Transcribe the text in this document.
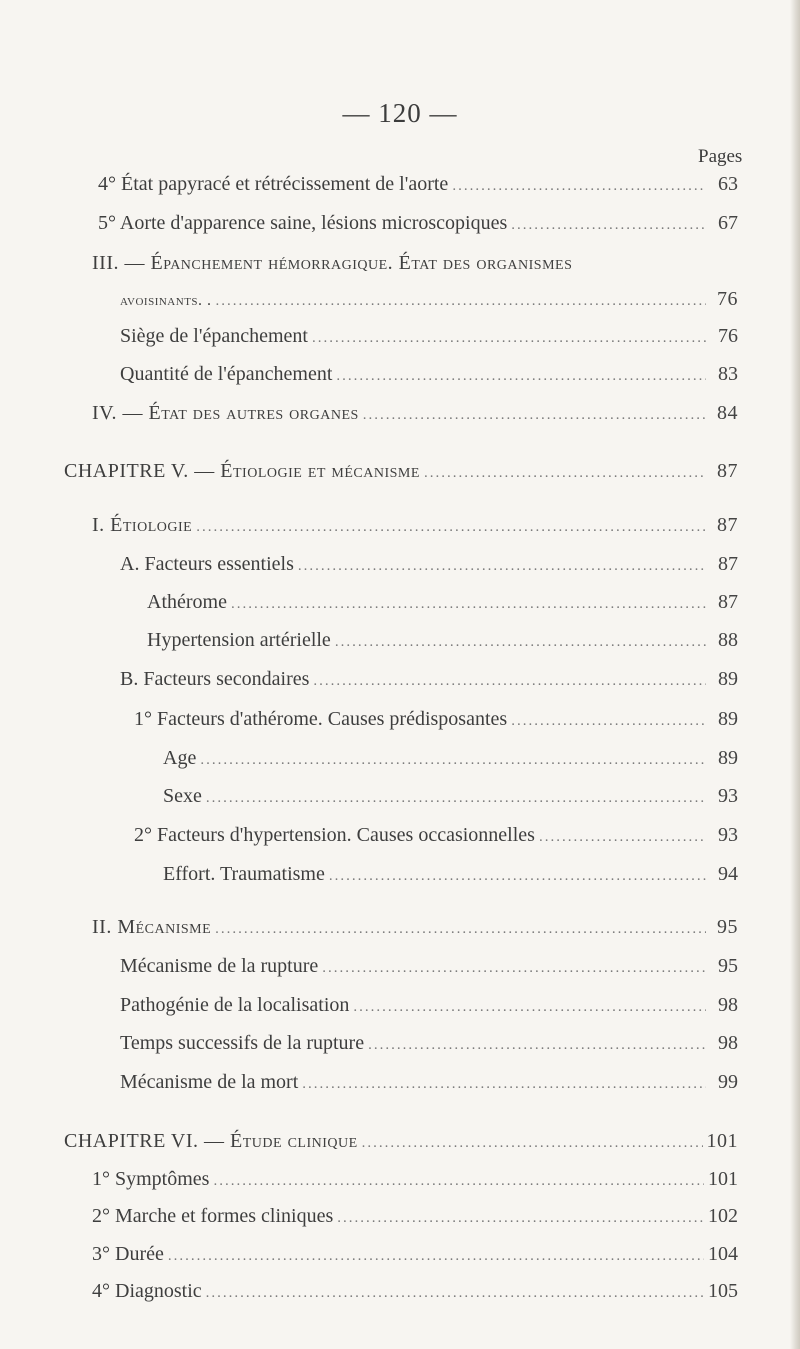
— 120 —
Pages
4° État papyracé et rétrécissement de l'aorte .....	63
5° Aorte d'apparence saine, lésions microscopiques .....	67
III. — Épanchement hémorragique. État des organismes
avoisinants. . .....	76
Siège de l'épanchement .....	76
Quantité de l'épanchement .....	83
IV. — État des autres organes .....	84
CHAPITRE V. — Étiologie et mécanisme .....	87
I. Étiologie .....	87
A. Facteurs essentiels .....	87
Athérome .....	87
Hypertension artérielle .....	88
B. Facteurs secondaires .....	89
1° Facteurs d'athérome. Causes prédisposantes .....	89
Age .....	89
Sexe .....	93
2° Facteurs d'hypertension. Causes occasionnelles .....	93
Effort. Traumatisme .....	94
II. Mécanisme .....	95
Mécanisme de la rupture .....	95
Pathogénie de la localisation .....	98
Temps successifs de la rupture .....	98
Mécanisme de la mort .....	99
CHAPITRE VI. — Étude clinique .....	101
1° Symptômes .....	101
2° Marche et formes cliniques .....	102
3° Durée .....	104
4° Diagnostic .....	105
